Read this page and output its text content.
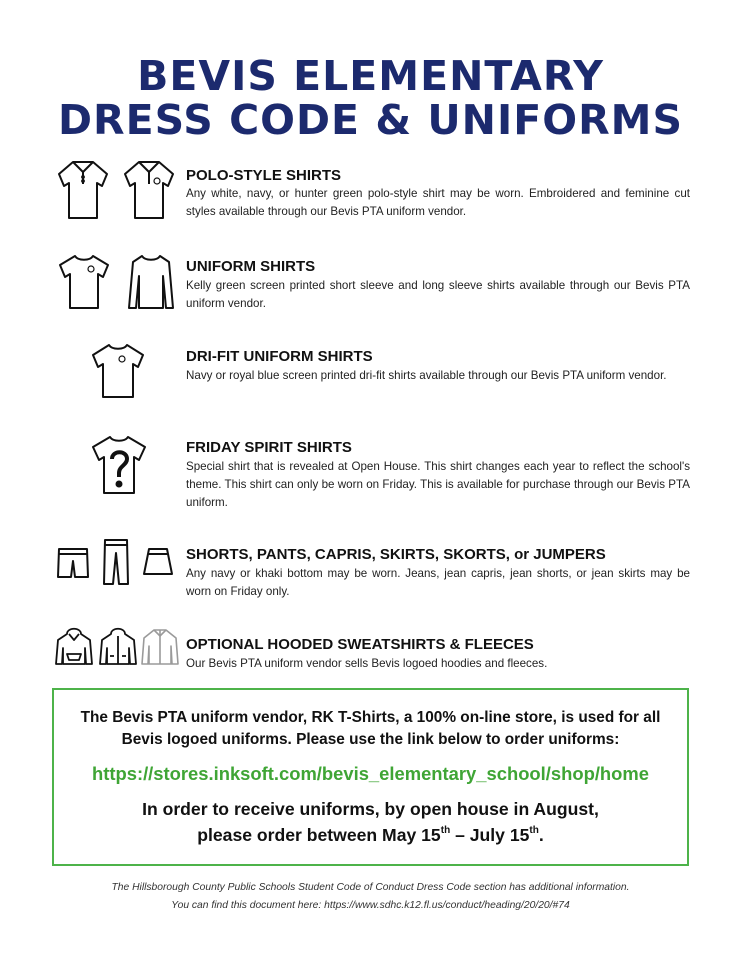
BEVIS ELEMENTARY
DRESS CODE & UNIFORMS
POLO-STYLE SHIRTS
Any white, navy, or hunter green polo-style shirt may be worn. Embroidered and feminine cut styles available through our Bevis PTA uniform vendor.
UNIFORM SHIRTS
Kelly green screen printed short sleeve and long sleeve shirts available through our Bevis PTA uniform vendor.
DRI-FIT UNIFORM SHIRTS
Navy or royal blue screen printed dri-fit shirts available through our Bevis PTA uniform vendor.
FRIDAY SPIRIT SHIRTS
Special shirt that is revealed at Open House. This shirt changes each year to reflect the school's theme. This shirt can only be worn on Friday. This is available for purchase through our Bevis PTA uniform.
SHORTS, PANTS, CAPRIS, SKIRTS, SKORTS, or JUMPERS
Any navy or khaki bottom may be worn. Jeans, jean capris, jean shorts, or jean skirts may be worn on Friday only.
OPTIONAL HOODED SWEATSHIRTS & FLEECES
Our Bevis PTA uniform vendor sells Bevis logoed hoodies and fleeces.
The Bevis PTA uniform vendor, RK T-Shirts, a 100% on-line store, is used for all
Bevis logoed uniforms. Please use the link below to order uniforms:
https://stores.inksoft.com/bevis_elementary_school/shop/home
In order to receive uniforms, by open house in August,
please order between May 15th – July 15th.
The Hillsborough County Public Schools Student Code of Conduct Dress Code section has additional information.
You can find this document here: https://www.sdhc.k12.fl.us/conduct/heading/20/20/#74
